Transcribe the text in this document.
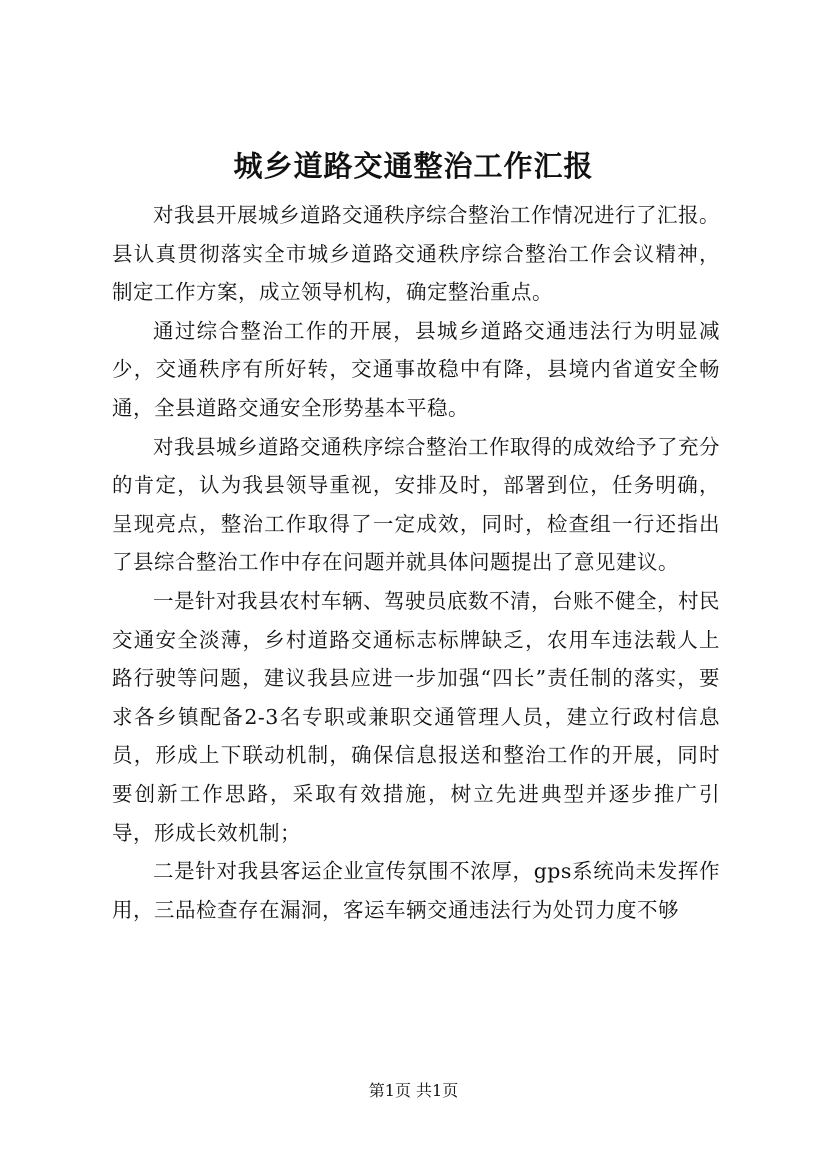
城乡道路交通整治工作汇报

对我县开展城乡道路交通秩序综合整治工作情况进行了汇报。县认真贯彻落实全市城乡道路交通秩序综合整治工作会议精神，制定工作方案，成立领导机构，确定整治重点。

通过综合整治工作的开展，县城乡道路交通违法行为明显减少，交通秩序有所好转，交通事故稳中有降，县境内省道安全畅通，全县道路交通安全形势基本平稳。

对我县城乡道路交通秩序综合整治工作取得的成效给予了充分的肯定，认为我县领导重视，安排及时，部署到位，任务明确，呈现亮点，整治工作取得了一定成效，同时，检查组一行还指出了县综合整治工作中存在问题并就具体问题提出了意见建议。

一是针对我县农村车辆、驾驶员底数不清，台账不健全，村民交通安全淡薄，乡村道路交通标志标牌缺乏，农用车违法载人上路行驶等问题，建议我县应进一步加强“四长”责任制的落实，要求各乡镇配备2-3名专职或兼职交通管理人员，建立行政村信息员，形成上下联动机制，确保信息报送和整治工作的开展，同时要创新工作思路，采取有效措施，树立先进典型并逐步推广引导，形成长效机制；

二是针对我县客运企业宣传氛围不浓厚，gps系统尚未发挥作用，三品检查存在漏洞，客运车辆交通违法行为处罚力度不够

第1页 共1页
